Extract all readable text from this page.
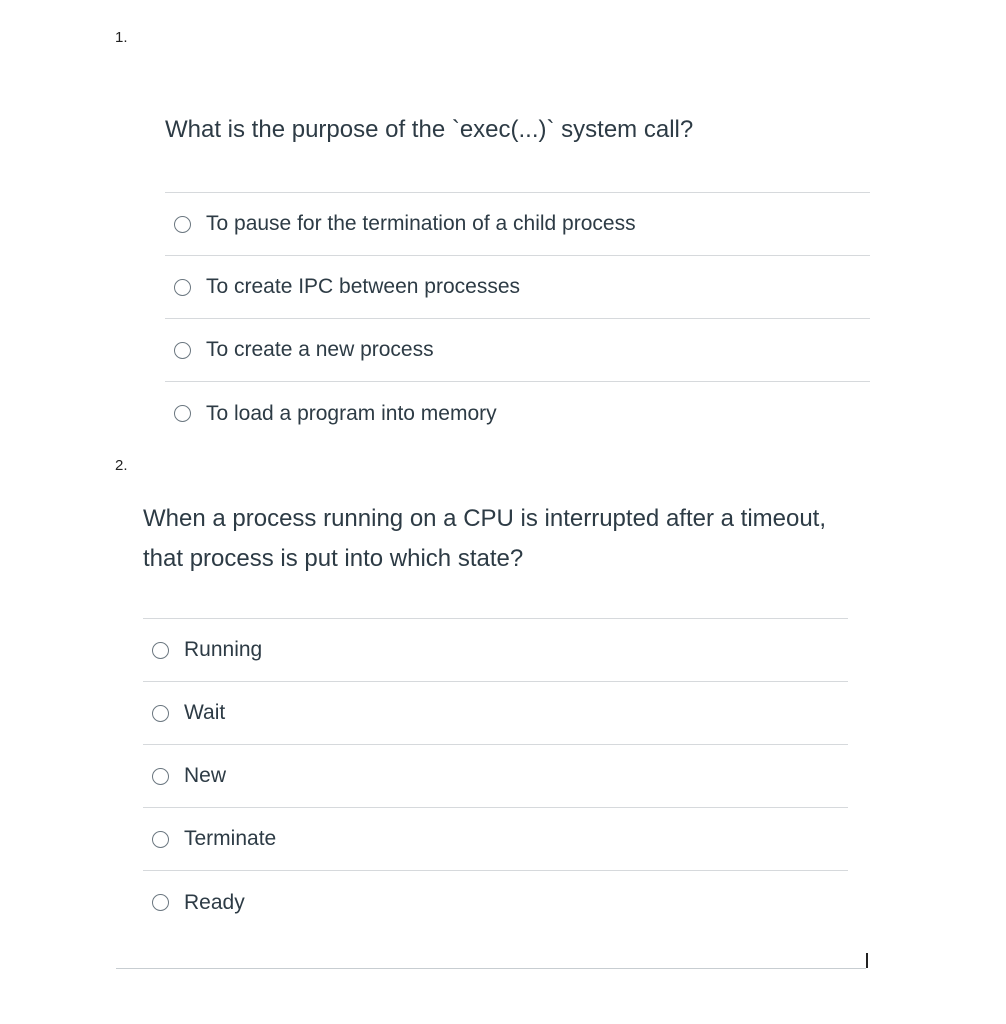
1.
What is the purpose of the `exec(...)` system call?
To pause for the termination of a child process
To create IPC between processes
To create a new process
To load a program into memory
2.
When a process running on a CPU is interrupted after a timeout, that process is put into which state?
Running
Wait
New
Terminate
Ready
